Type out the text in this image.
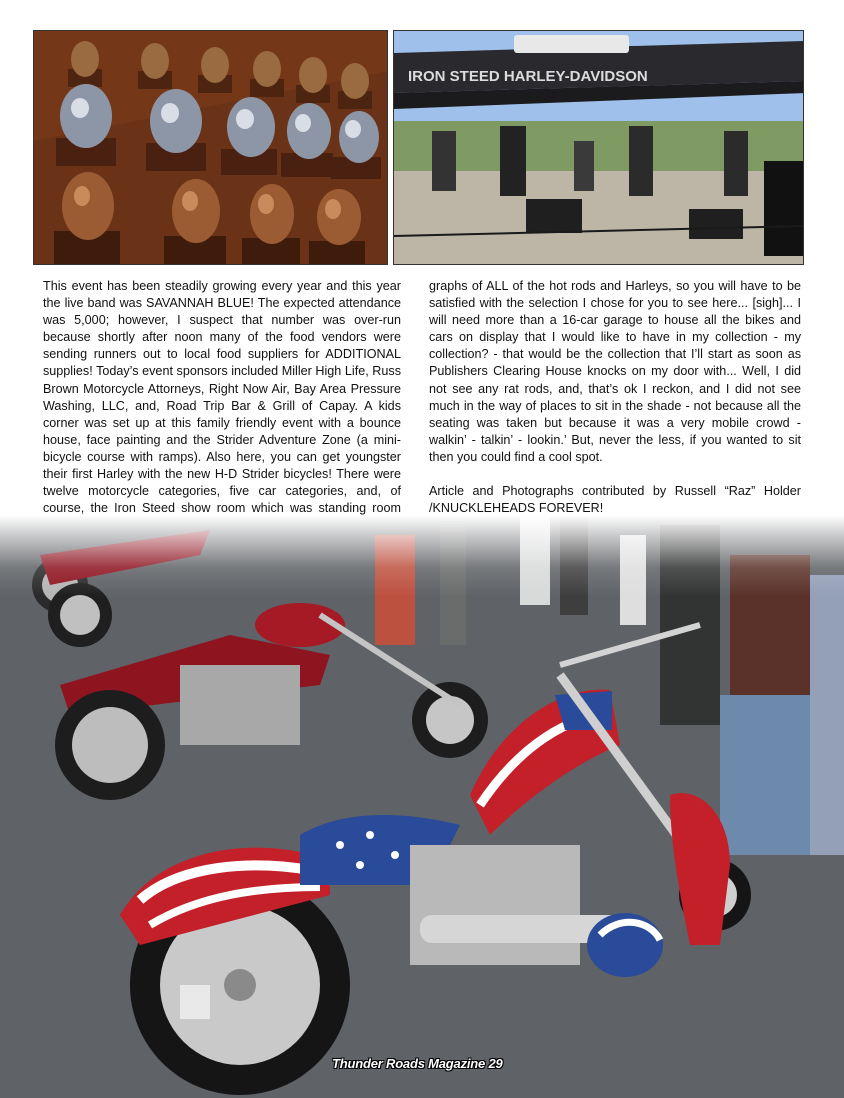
IRON STEED HARLEY-DAVIDSON

This event has been steadily growing every year and this year the live band was SAVANNAH BLUE! The expected attendance was 5,000; however, I suspect that number was over-run because shortly after noon many of the food vendors were sending runners out to local food suppliers for ADDITIONAL supplies! Today’s event sponsors included Miller High Life, Russ Brown Motorcycle Attorneys, Right Now Air, Bay Area Pressure Washing, LLC, and, Road Trip Bar & Grill of Capay. A kids corner was set up at this family friendly event with a bounce house, face painting and the Strider Adventure Zone (a mini-bicycle course with ramps). Also here, you can get youngster their first Harley with the new H-D Strider bicycles! There were twelve motorcycle categories, five car categories, and, of course, the Iron Steed show room which was standing room

graphs of ALL of the hot rods and Harleys, so you will have to be satisfied with the selection I chose for you to see here... [sigh]... I will need more than a 16-car garage to house all the bikes and cars on display that I would like to have in my collection - my collection? - that would be the collection that I’ll start as soon as Publishers Clearing House knocks on my door with... Well, I did not see any rat rods, and, that’s ok I reckon, and I did not see much in the way of places to sit in the shade - not because all the seating was taken but because it was a very mobile crowd - walkin’ - talkin’ - lookin.’ But, never the less, if you wanted to sit then you could find a cool spot.

Article and Photographs contributed by Russell “Raz” Holder /KNUCKLEHEADS FOREVER!

Thunder Roads Magazine 29
